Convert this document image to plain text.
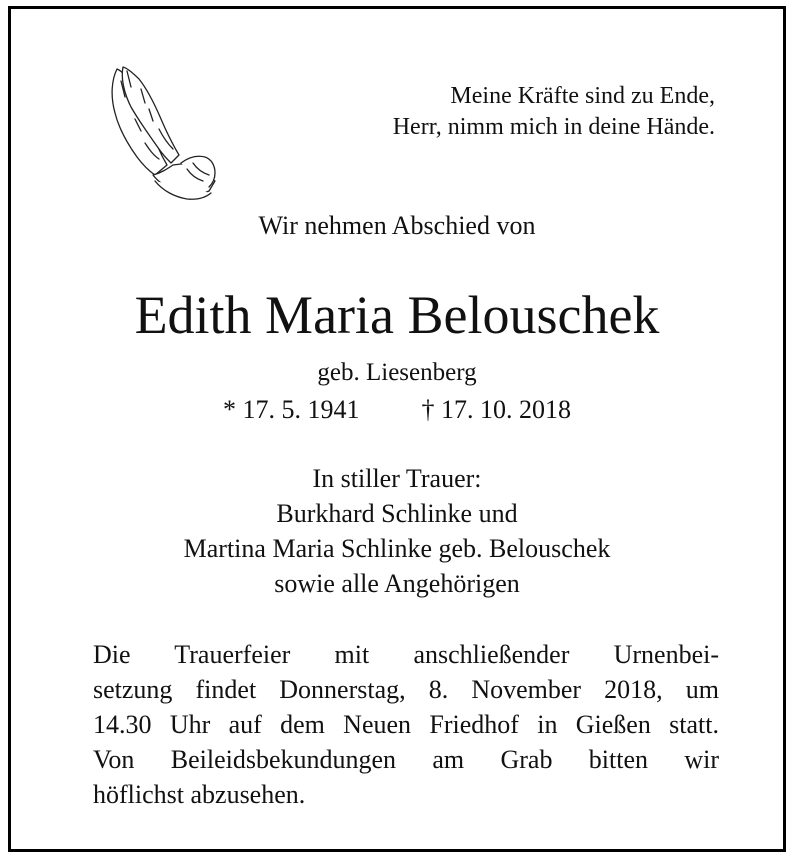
Meine Kräfte sind zu Ende,
Herr, nimm mich in deine Hände.
Wir nehmen Abschied von
Edith Maria Belouschek
geb. Liesenberg
* 17. 5. 1941 † 17. 10. 2018
In stiller Trauer:
Burkhard Schlinke und
Martina Maria Schlinke geb. Belouschek
sowie alle Angehörigen
Die Trauerfeier mit anschließender Urnenbei-
setzung findet Donnerstag, 8. November 2018, um
14.30 Uhr auf dem Neuen Friedhof in Gießen statt.
Von Beileidsbekundungen am Grab bitten wir
höflichst abzusehen.
